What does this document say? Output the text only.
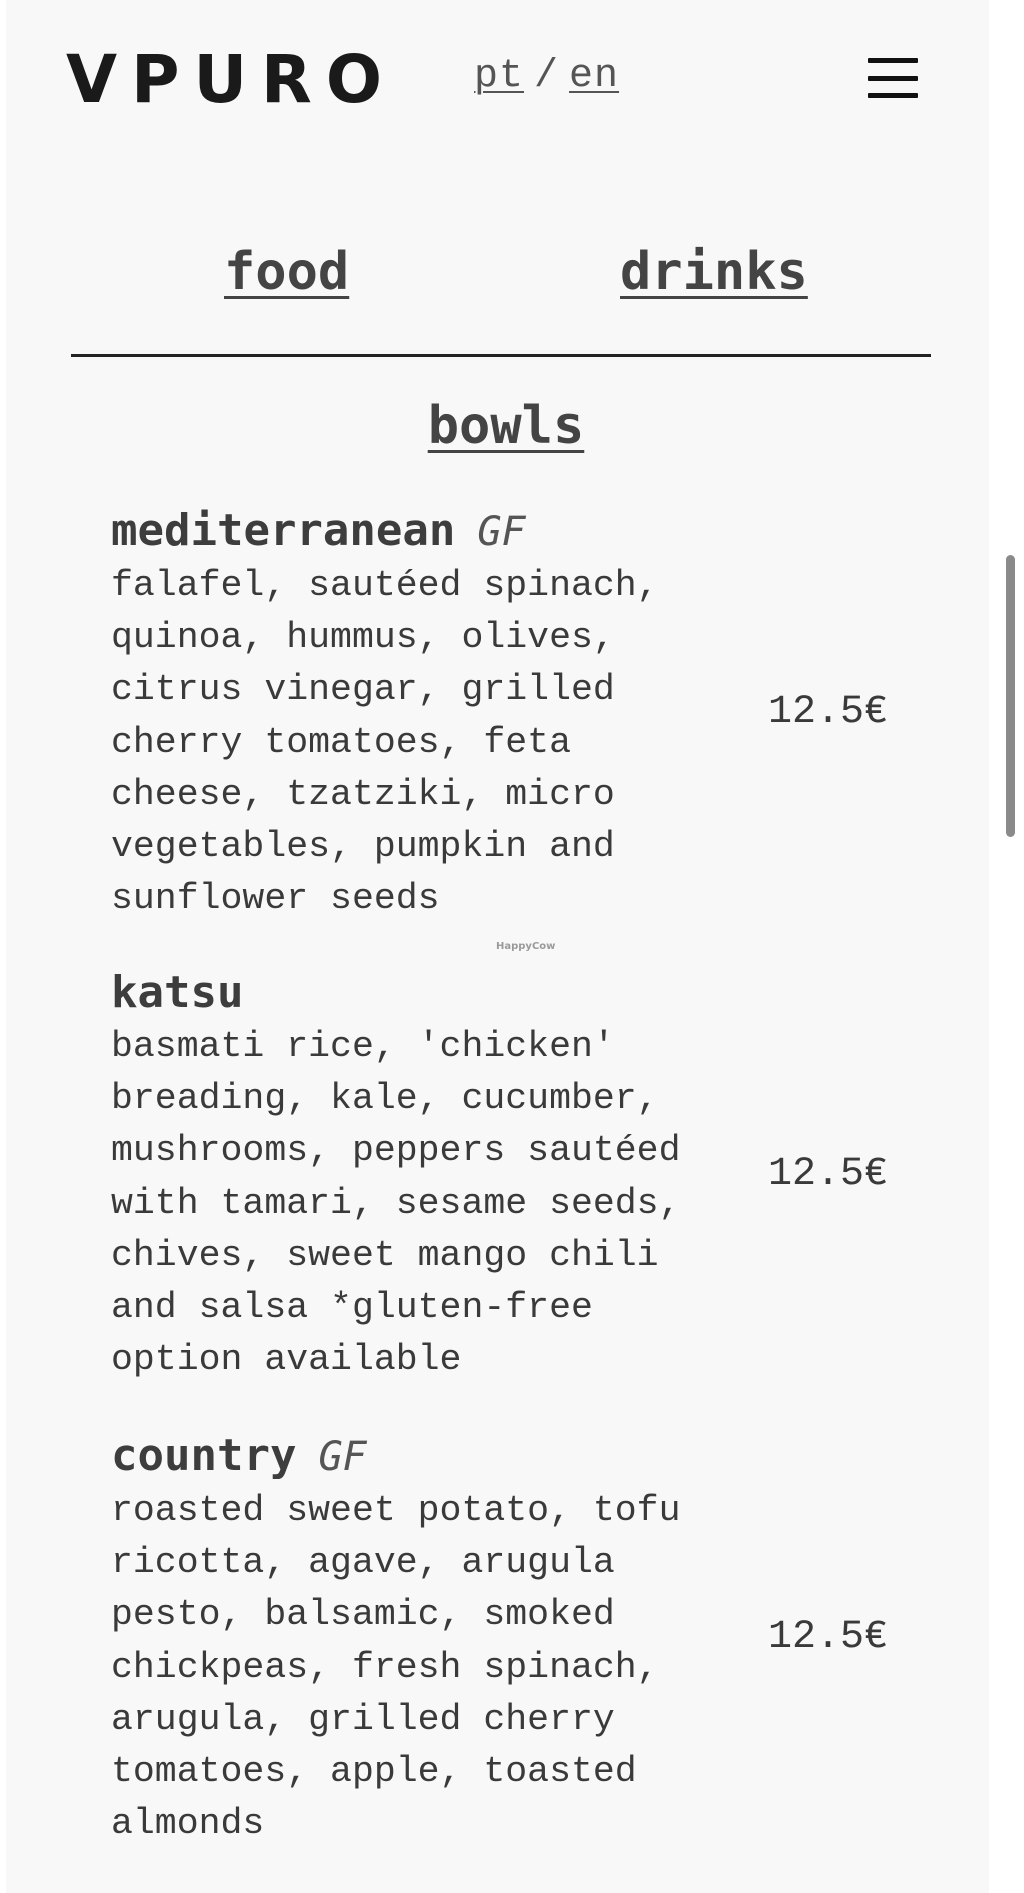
VPURO pt / en
food	drinks
bowls
mediterranean GF
falafel, sautéed spinach,
quinoa, hummus, olives,
citrus vinegar, grilled
cherry tomatoes, feta
cheese, tzatziki, micro
vegetables, pumpkin and
sunflower seeds
12.5€
HappyCow
katsu
basmati rice, 'chicken'
breading, kale, cucumber,
mushrooms, peppers sautéed
with tamari, sesame seeds,
chives, sweet mango chili
and salsa *gluten-free
option available
12.5€
country GF
roasted sweet potato, tofu
ricotta, agave, arugula
pesto, balsamic, smoked
chickpeas, fresh spinach,
arugula, grilled cherry
tomatoes, apple, toasted
almonds
12.5€
